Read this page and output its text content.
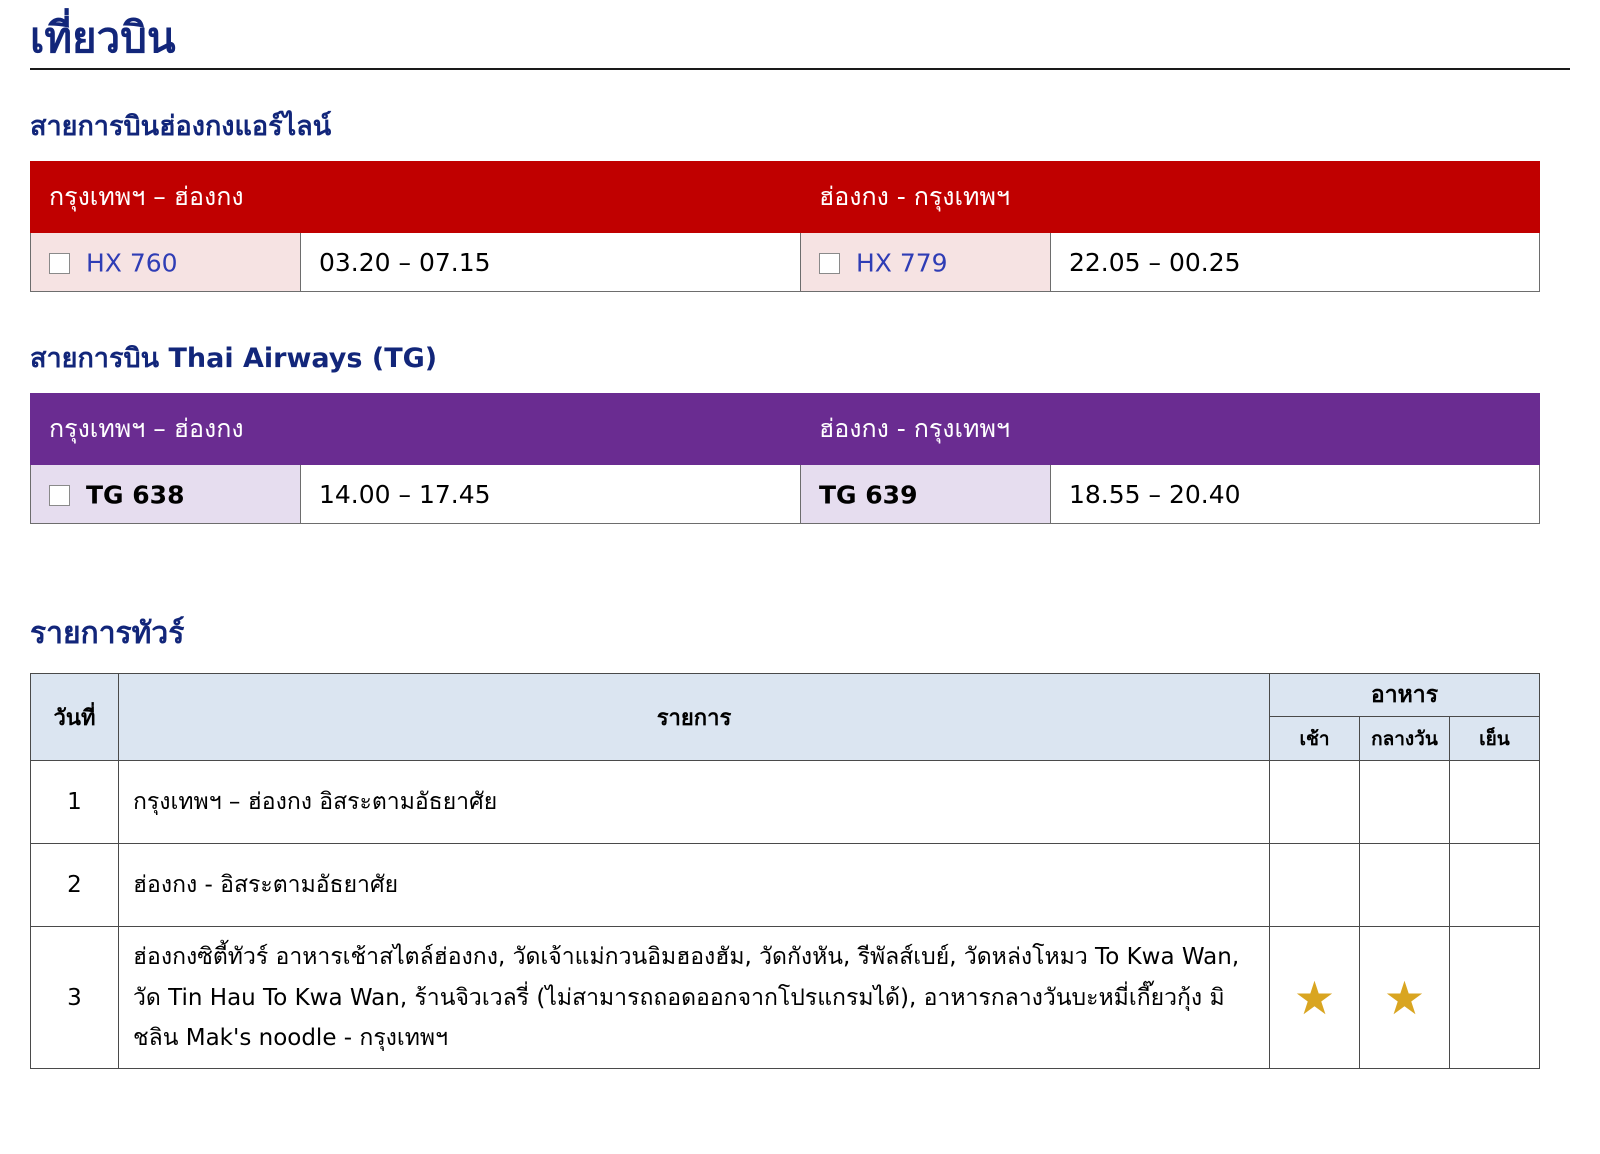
เที่ยวบิน
สายการบินฮ่องกงแอร์ไลน์
กรุงเทพฯ – ฮ่องกง		ฮ่องกง - กรุงเทพฯ	
HX 760	03.20 – 07.15	HX 779	22.05 – 00.25
สายการบิน Thai Airways (TG)
กรุงเทพฯ – ฮ่องกง		ฮ่องกง - กรุงเทพฯ	
TG 638	14.00 – 17.45	TG 639	18.55 – 20.40
รายการทัวร์
วันที่	รายการ	อาหาร		
		เช้า	กลางวัน	เย็น
1	กรุงเทพฯ – ฮ่องกง อิสระตามอัธยาศัย			
2	ฮ่องกง - อิสระตามอัธยาศัย			
3	ฮ่องกงซิตี้ทัวร์ อาหารเช้าสไตล์ฮ่องกง, วัดเจ้าแม่กวนอิมฮองฮัม, วัดกังหัน, รีพัลส์เบย์, วัดหล่งโหมว To Kwa Wan, วัด Tin Hau To Kwa Wan, ร้านจิวเวลรี่ (ไม่สามารถถอดออกจากโปรแกรมได้), อาหารกลางวันบะหมี่เกี๊ยวกุ้ง มิชลิน Mak's noodle - กรุงเทพฯ	★	★	
